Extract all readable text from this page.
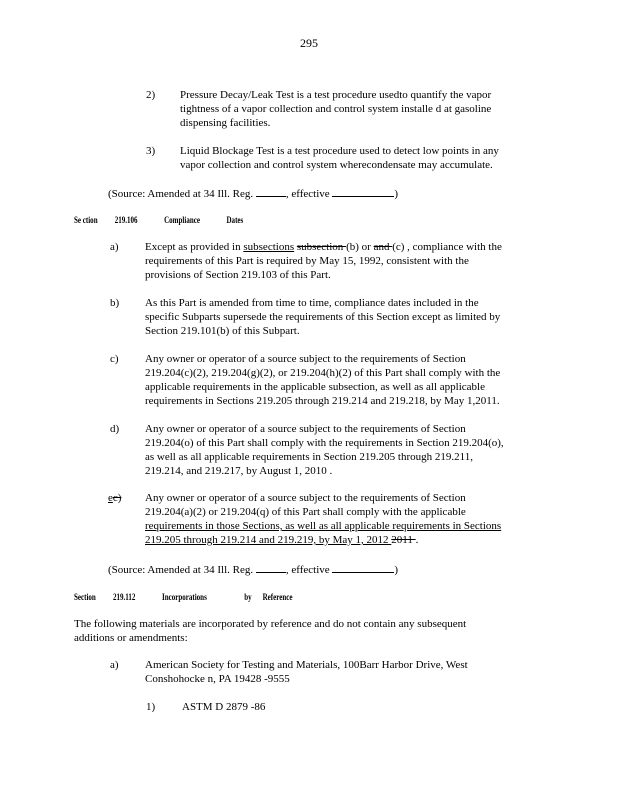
295
2) Pressure Decay/Leak Test is a test procedure usedto quantify the vapor
tightness of a vapor collection and control system installe d at gasoline
dispensing facilities.
3) Liquid Blockage Test is a test procedure used to detect low points in any
vapor collection and control system wherecondensate may accumulate.
(Source: Amended at 34 Ill. Reg.	, effective	)
Se ction 219.106	Compliance	Dates
a) Except as provided in subsections subsection (b) or and (c) , compliance with the
requirements of this Part is required by May 15, 1992, consistent with the
provisions of Section 219.103 of this Part.
b) As this Part is amended from time to time, compliance dates included in the
specific Subparts supersede the requirements of this Section except as limited by
Section 219.101(b) of this Subpart.
c) Any owner or operator of a source subject to the requirements of Section
219.204(c)(2), 219.204(g)(2), or 219.204(h)(2) of this Part shall comply with the
applicable requirements in the applicable subsection, as well as all applicable
requirements in Sections 219.205 through 219.214 and 219.218, by May 1,2011.
d) Any owner or operator of a source subject to the requirements of Section
219.204(o) of this Part shall comply with the requirements in Section 219.204(o),
as well as all applicable requirements in Section 219.205 through 219.211,
219.214, and 219.217, by August 1, 2010 .
ec) Any owner or operator of a source subject to the requirements of Section
219.204(a)(2) or 219.204(q) of this Part shall comply with the applicable
requirements in those Sections, as well as all applicable requirements in Sections
219.205 through 219.214 and 219.219, by May 1, 2012 2011 .
(Source: Amended at 34 Ill. Reg.	, effective	)
Section 219.112	Incorporations	by Reference
The following materials are incorporated by reference and do not contain any subsequent
additions or amendments:
a) American Society for Testing and Materials, 100Barr Harbor Drive, West
Conshohocke n, PA 19428 -9555
1) ASTM D 2879 -86
